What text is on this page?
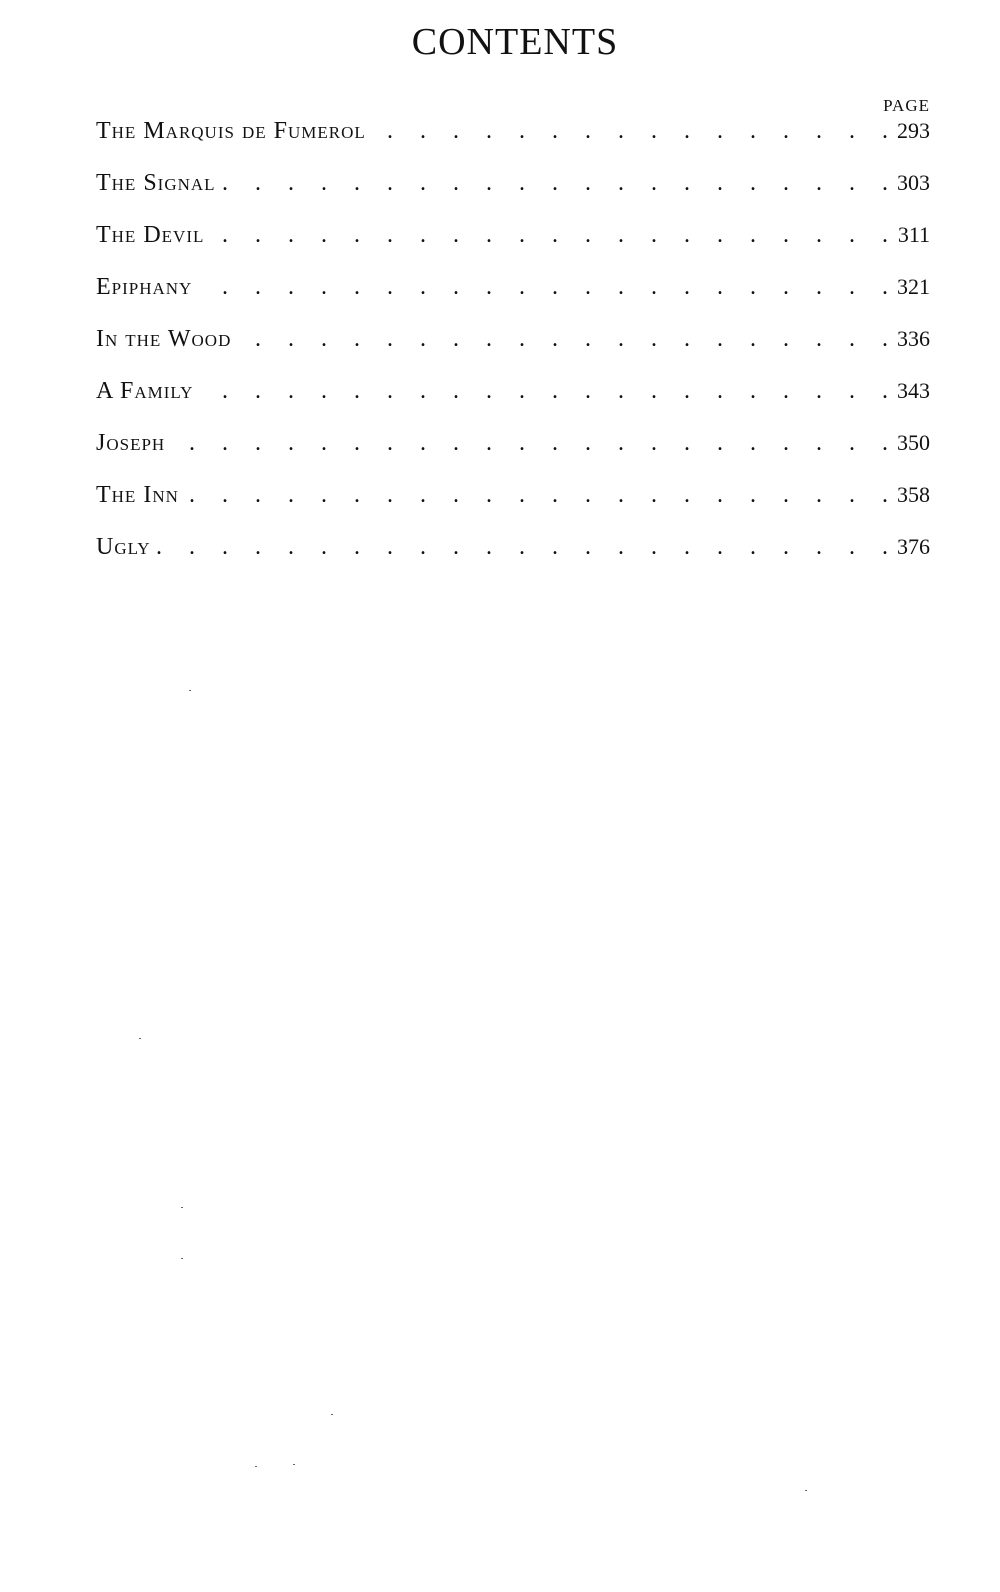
CONTENTS
PAGE
The Marquis de Fumerol . . .	293
The Signal . . .	303
The Devil . . .	311
Epiphany . . .	321
In the Wood . . .	336
A Family . . .	343
Joseph . . .	350
The Inn . . .	358
Ugly . . .	376
